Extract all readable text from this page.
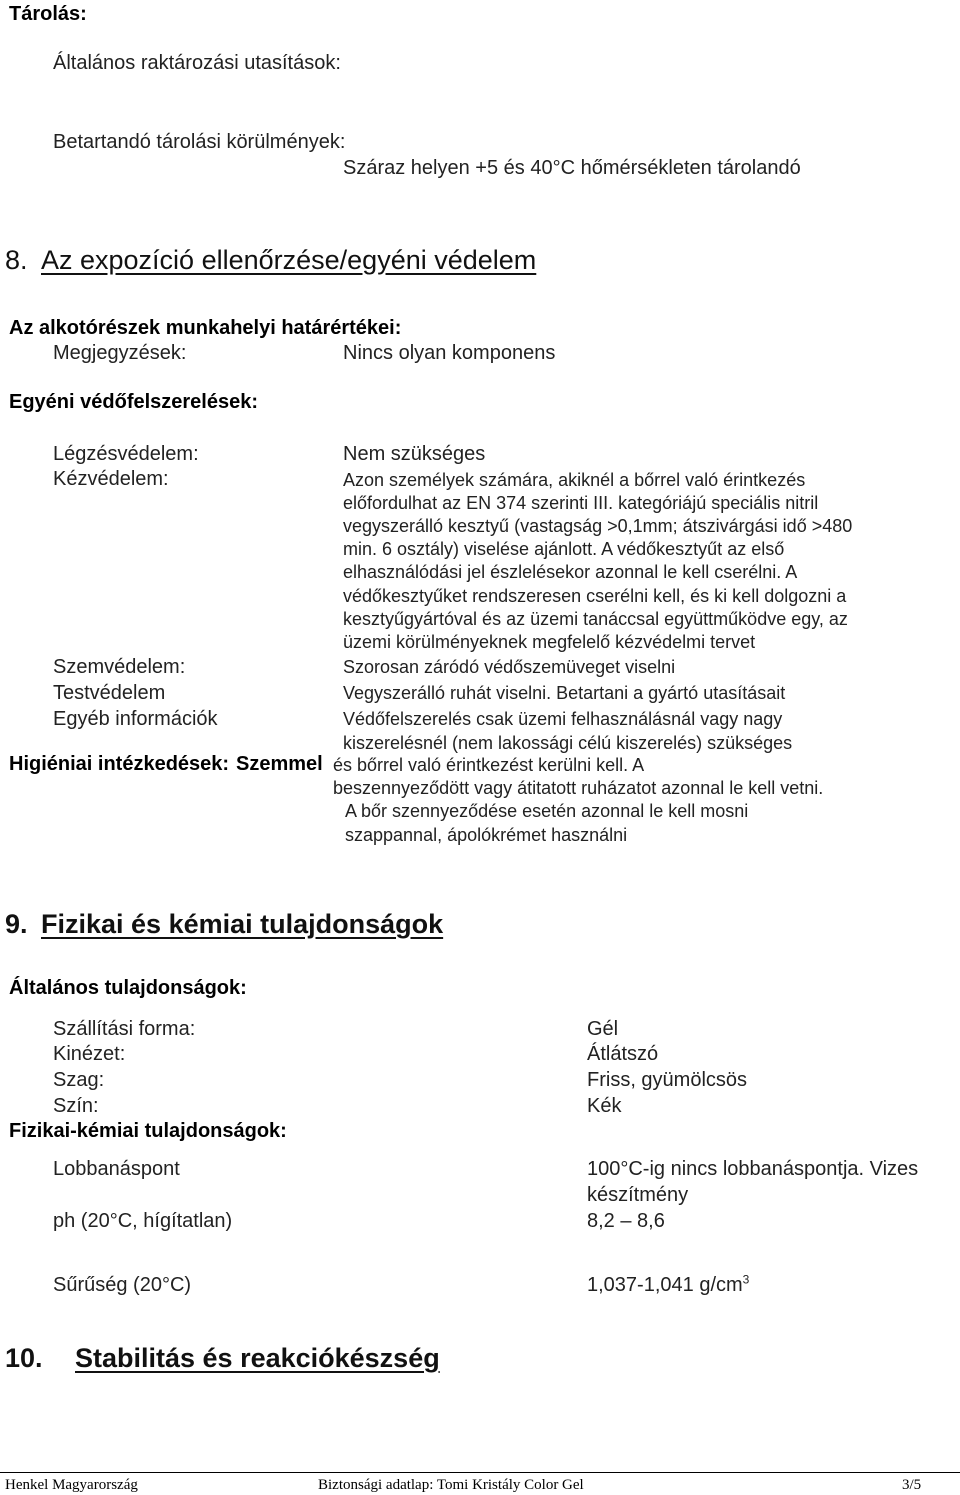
Tárolás:
Általános raktározási utasítások:
Betartandó tárolási körülmények:
Száraz helyen +5 és 40°C hőmérsékleten tárolandó
8. Az expozíció ellenőrzése/egyéni védelem
Az alkotórészek munkahelyi határértékei:
Megjegyzések:	Nincs olyan komponens
Egyéni védőfelszerelések:
Légzésvédelem:	Nem szükséges
Kézvédelem:	Azon személyek számára, akiknél a bőrrel való érintkezés
előfordulhat az EN 374 szerinti III. kategóriájú speciális nitril
vegyszerálló kesztyű (vastagság >0,1mm; átszivárgási idő >480
min. 6 osztály) viselése ajánlott. A védőkesztyűt az első
elhasználódási jel észlelésekor azonnal le kell cserélni. A
védőkesztyűket rendszeresen cserélni kell, és ki kell dolgozni a
kesztyűgyártóval és az üzemi tanáccsal együttműködve egy, az
üzemi körülményeknek megfelelő kézvédelmi tervet
Szemvédelem:	Szorosan záródó védőszemüveget viselni
Testvédelem	Vegyszerálló ruhát viselni. Betartani a gyártó utasításait
Egyéb információk	Védőfelszerelés csak üzemi felhasználásnál vagy nagy
kiszerelésnél (nem lakossági célú kiszerelés) szükséges
Higiéniai intézkedések: Szemmel és bőrrel való érintkezést kerülni kell. A
beszennyeződött vagy átitatott ruházatot azonnal le kell vetni.
A bőr szennyeződése esetén azonnal le kell mosni
szappannal, ápolókrémet használni
9. Fizikai és kémiai tulajdonságok
Általános tulajdonságok:
Szállítási forma:	Gél
Kinézet:	Átlátszó
Szag:	Friss, gyümölcsös
Szín:	Kék
Fizikai-kémiai tulajdonságok:
Lobbanáspont	100°C-ig nincs lobbanáspontja. Vizes
készítmény
ph (20°C, hígítatlan)	8,2 – 8,6
Sűrűség (20°C)	1,037-1,041 $g/cm^3$
10. Stabilitás és reakciókészség
Henkel Magyarország	Biztonsági adatlap: Tomi Kristály Color Gel	3/5
